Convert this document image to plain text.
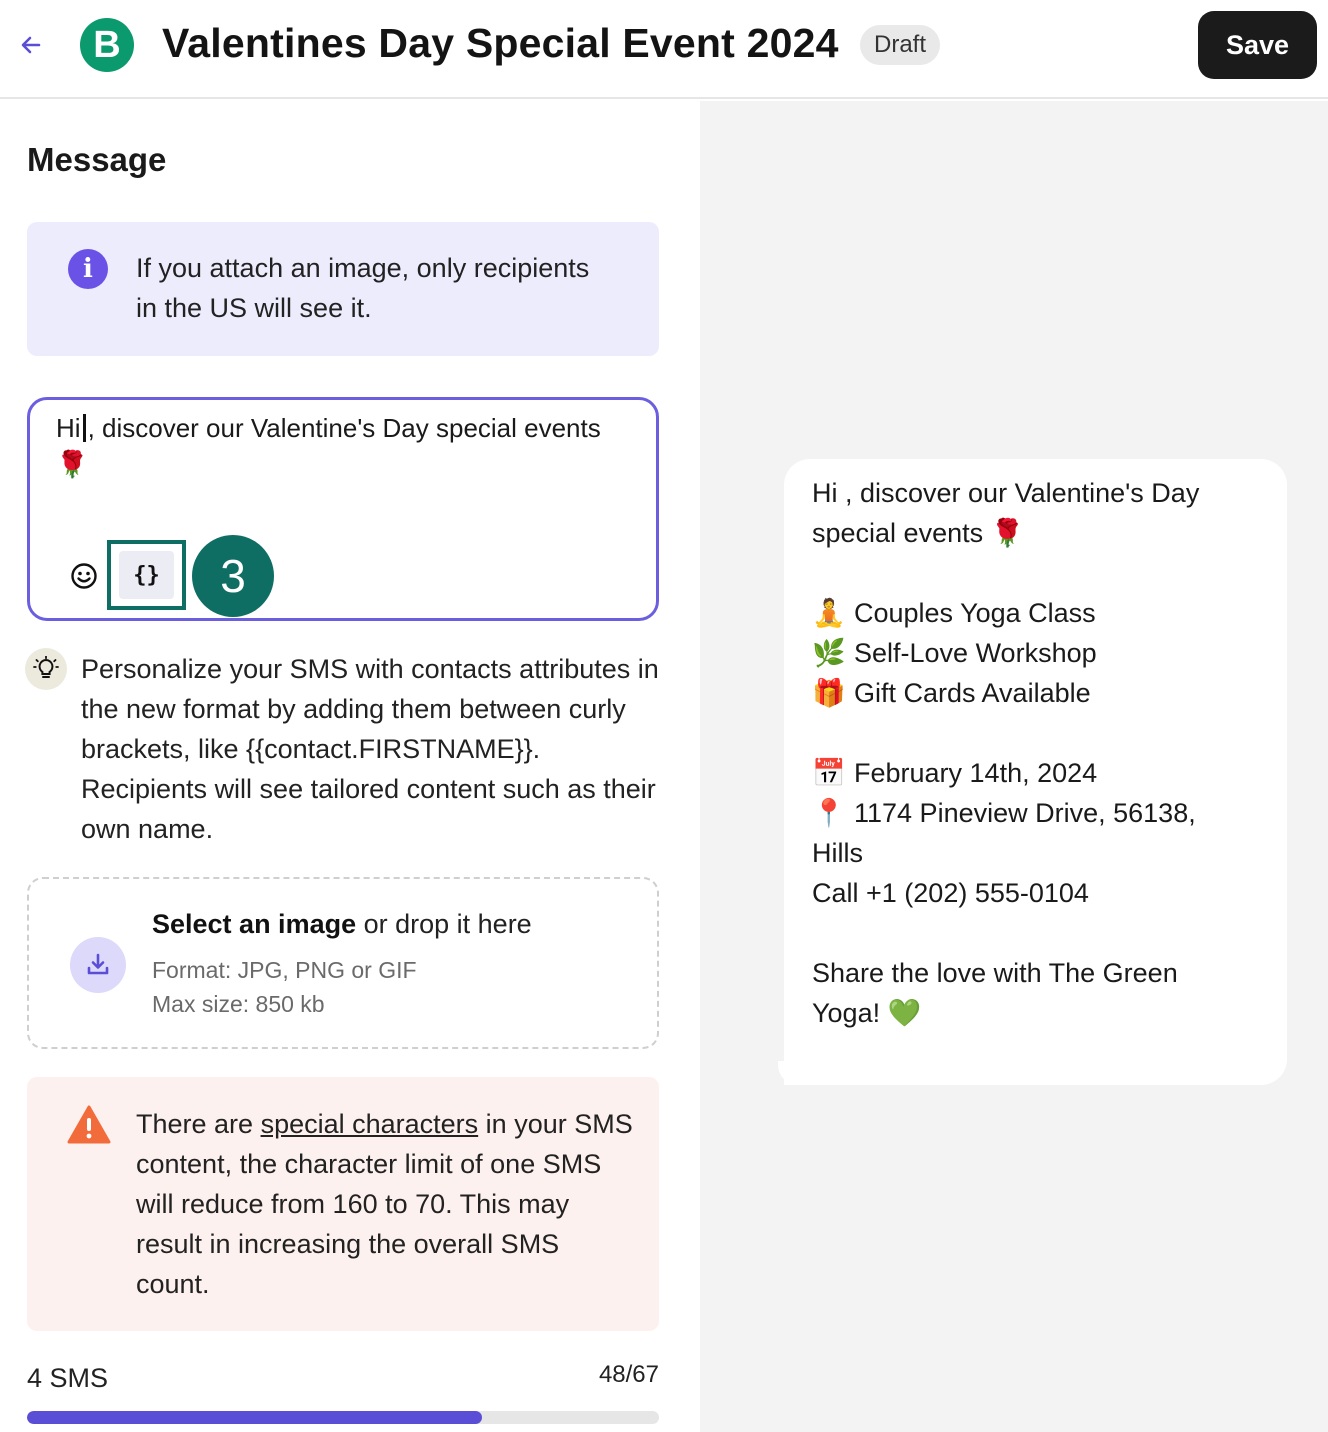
B Valentines Day Special Event 2024	Draft	Save
Message
i	If you attach an image, only recipients in the US will see it.
Hi , discover our Valentine's Day special events
🌹
{}	3
Personalize your SMS with contacts attributes in the new format by adding them between curly brackets, like {{contact.FIRSTNAME}}. Recipients will see tailored content such as their own name.
Select an image or drop it here
Format: JPG, PNG or GIF
Max size: 850 kb
There are special characters in your SMS content, the character limit of one SMS will reduce from 160 to 70. This may result in increasing the overall SMS count.
4 SMS	48/67
Hi , discover our Valentine's Day
special events 🌹
🧘 Couples Yoga Class
🌿 Self-Love Workshop
🎁 Gift Cards Available
📅 February 14th, 2024
📍 1174 Pineview Drive, 56138,
Hills
Call +1 (202) 555-0104
Share the love with The Green
Yoga! 💚
